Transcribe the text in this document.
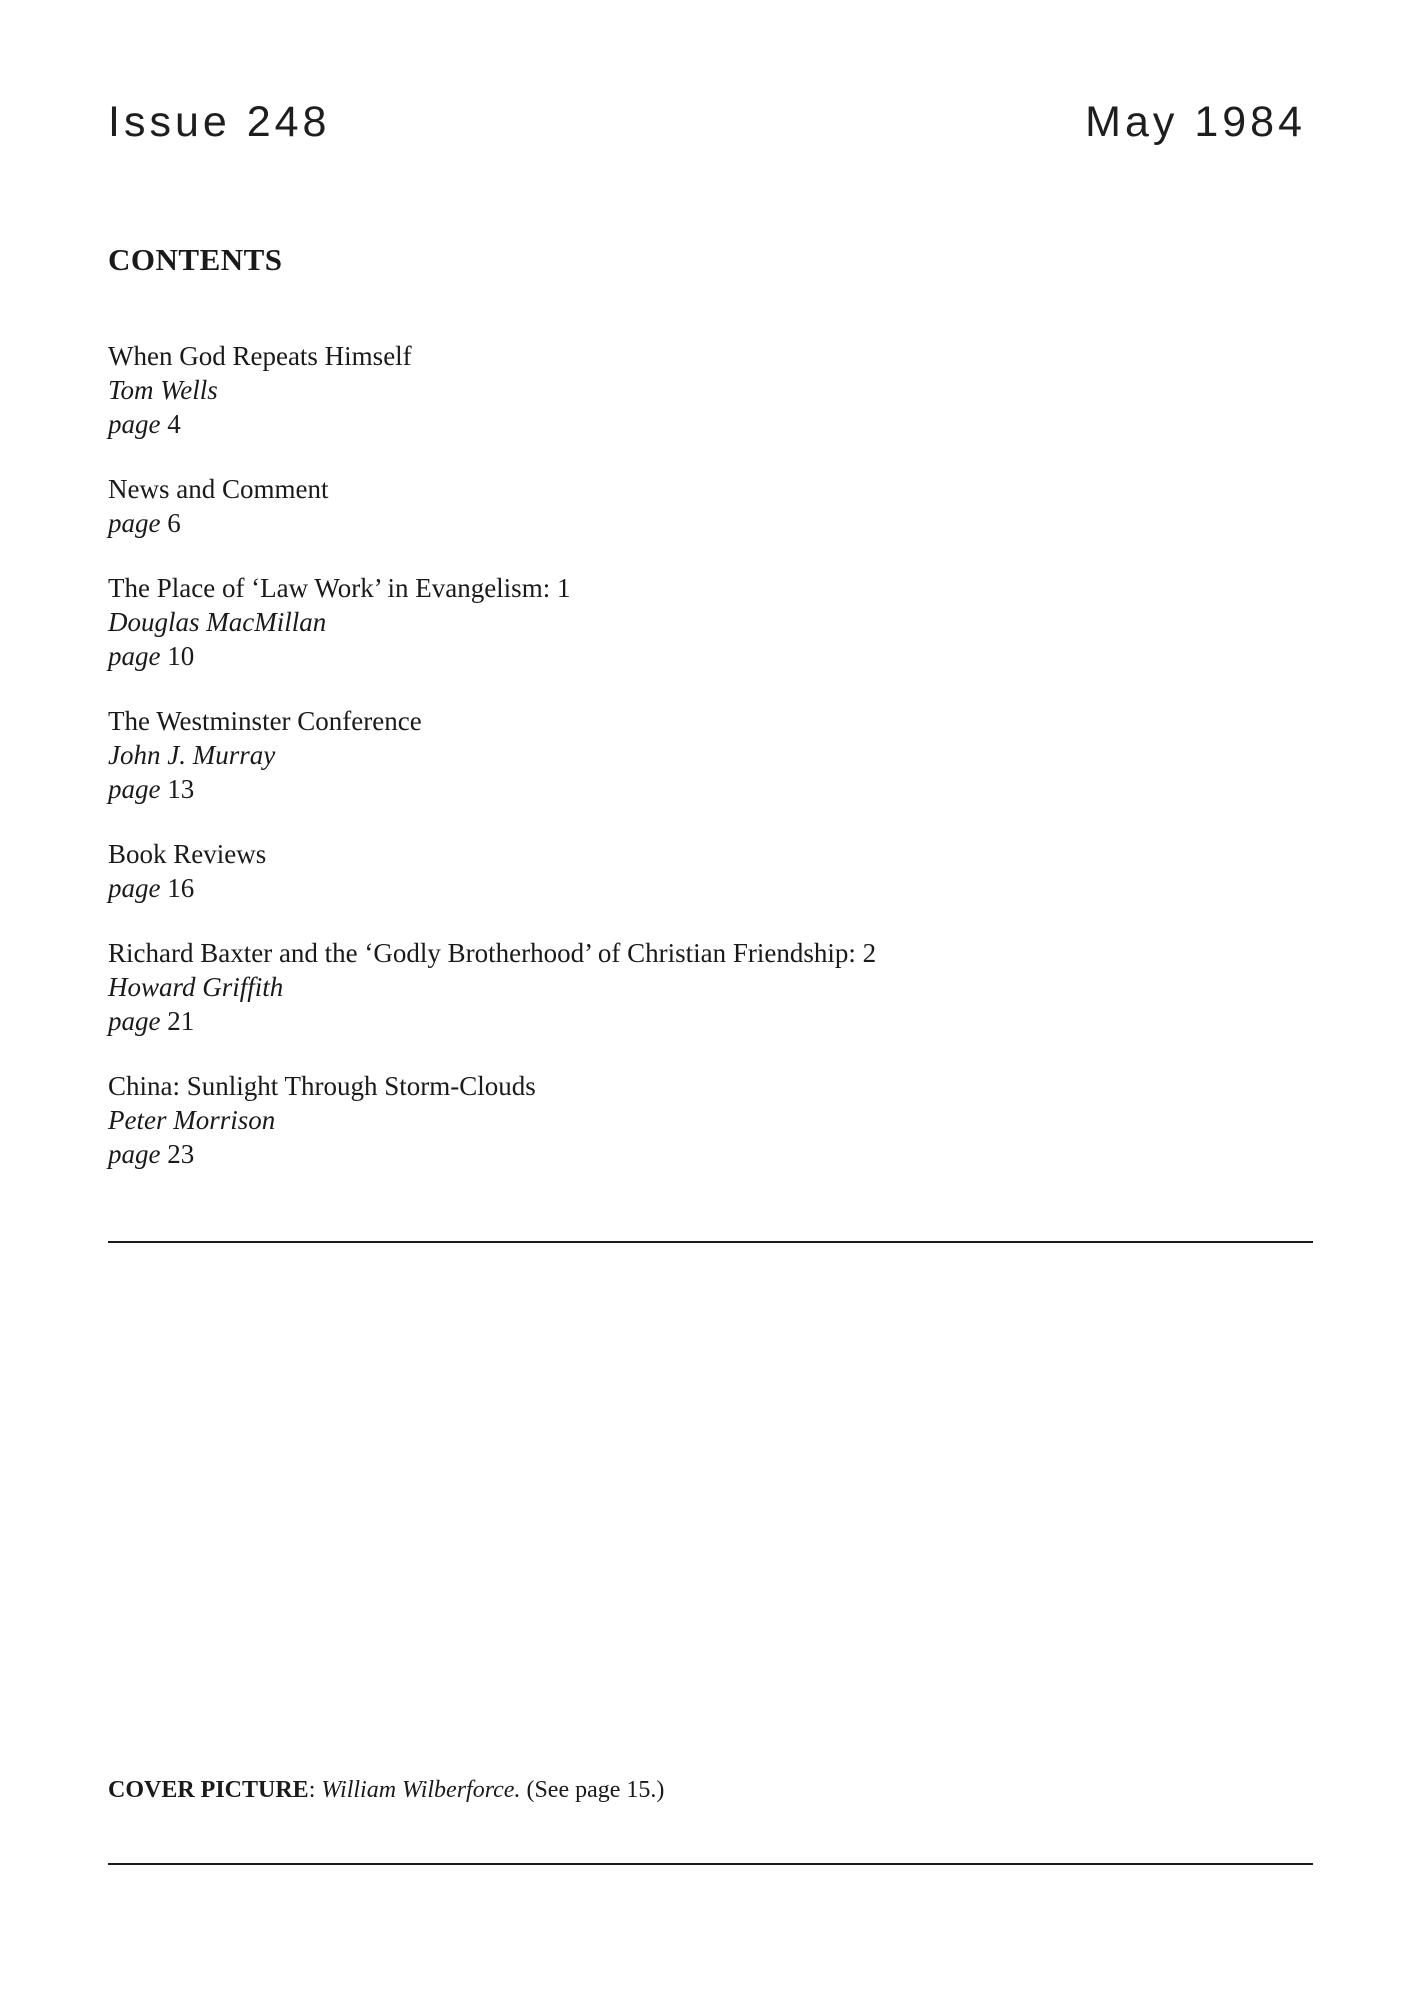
Issue 248	May 1984
CONTENTS
When God Repeats Himself
Tom Wells
page 4
News and Comment
page 6
The Place of ‘Law Work’ in Evangelism: 1
Douglas MacMillan
page 10
The Westminster Conference
John J. Murray
page 13
Book Reviews
page 16
Richard Baxter and the ‘Godly Brotherhood’ of Christian Friendship: 2
Howard Griffith
page 21
China: Sunlight Through Storm-Clouds
Peter Morrison
page 23
COVER PICTURE: William Wilberforce. (See page 15.)
